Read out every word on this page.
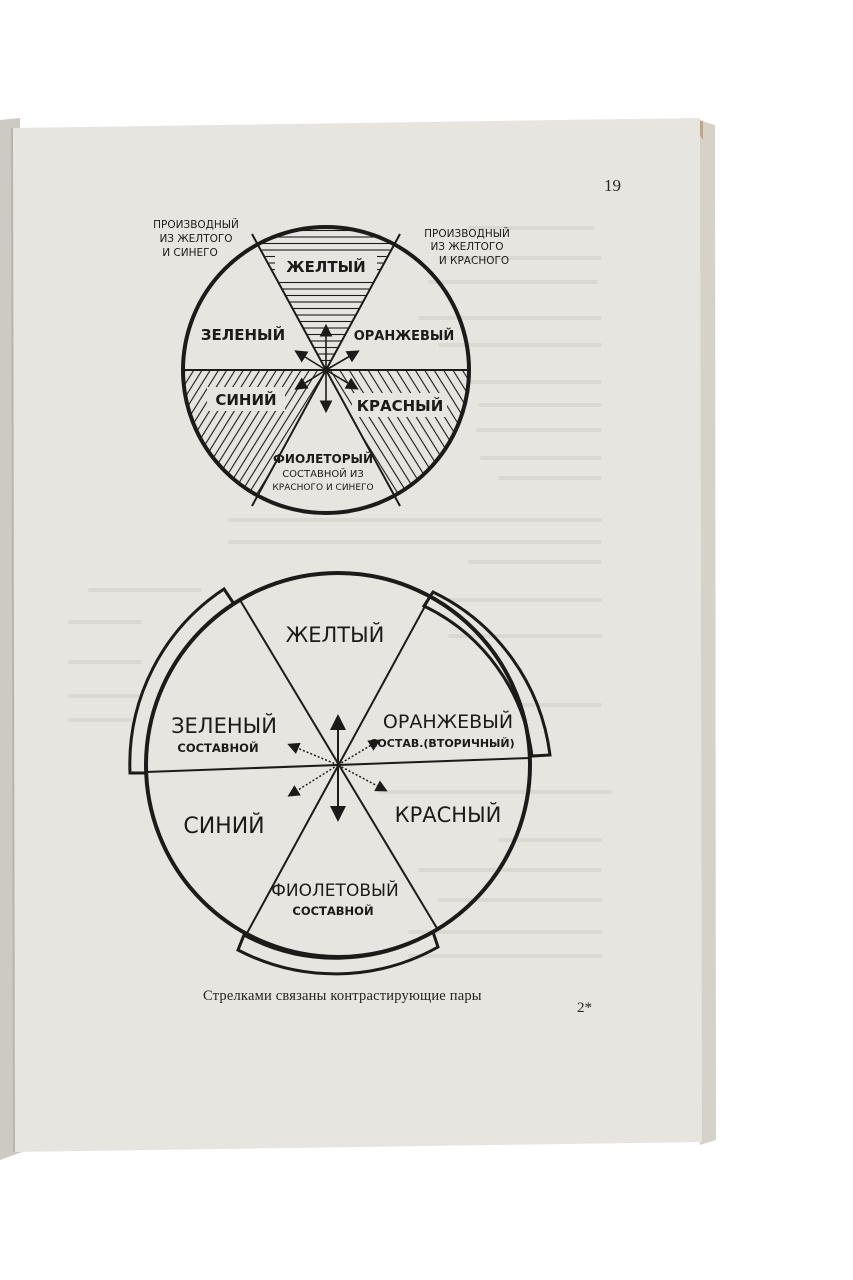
ЖЕЛТЫЙ
ЗЕЛЕНЫЙ	ОРАНЖЕВЫЙ
СИНИЙ	КРАСНЫЙ
ФИОЛЕТОРЫЙ
СОСТАВНОЙ ИЗ
КРАСНОГО И СИНЕГО
ПРОИЗВОДНЫЙ
ИЗ ЖЕЛТОГО
И СИНЕГО
ПРОИЗВОДНЫЙ
ИЗ ЖЕЛТОГО
И КРАСНОГО
ЖЕЛТЫЙ
ЗЕЛЕНЫЙ
СОСТАВНОЙ
ОРАНЖЕВЫЙ
СОСТАВ.(ВТОРИЧНЫЙ)
СИНИЙ	КРАСНЫЙ
ФИОЛЕТОВЫЙ
СОСТАВНОЙ
19
Стрелками связаны контрастирующие пары
2*
